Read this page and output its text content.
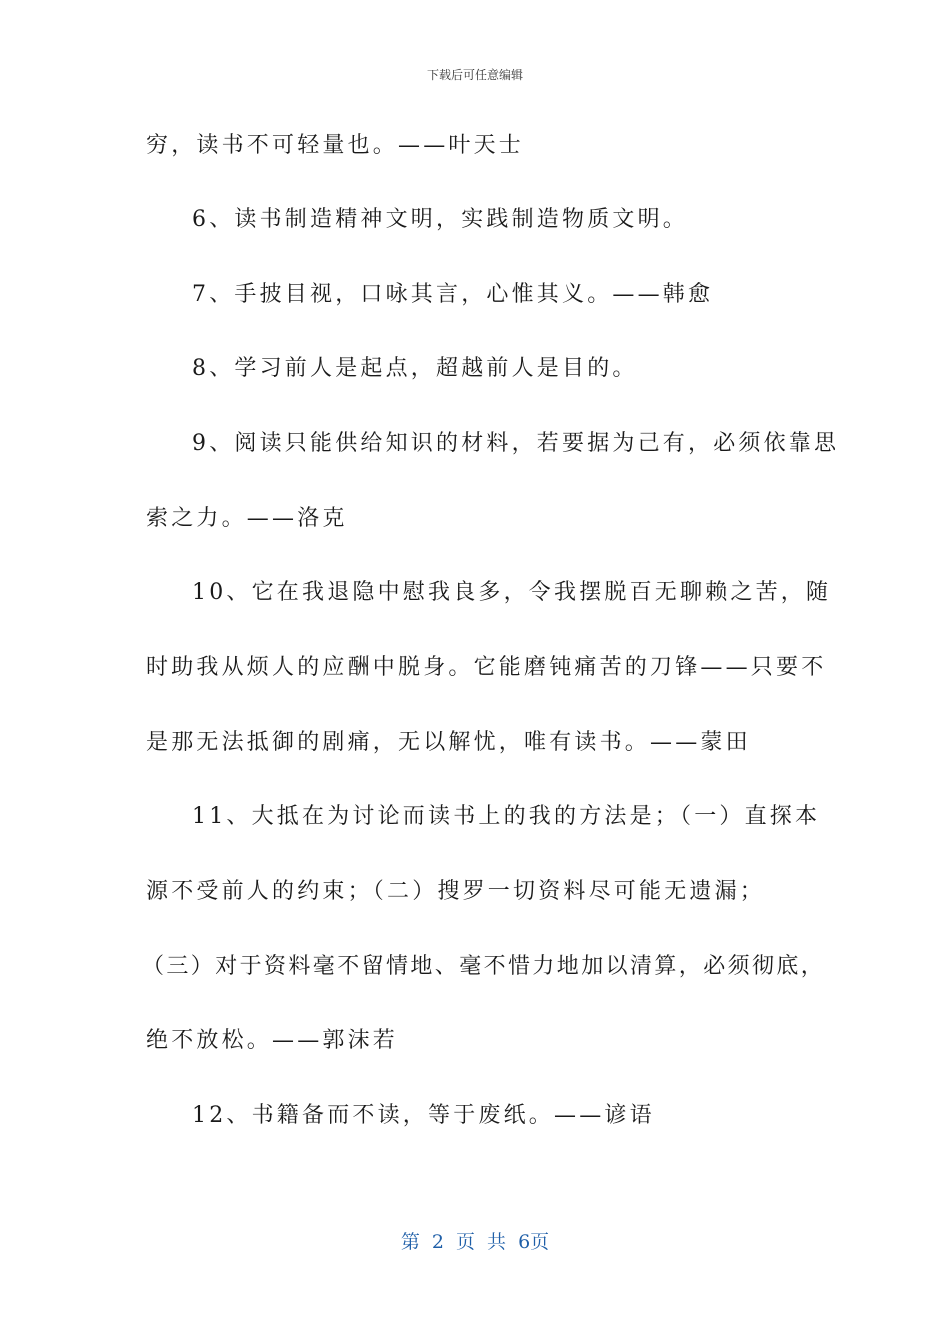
下载后可任意编辑
穷，读书不可轻量也。——叶天士
6、读书制造精神文明，实践制造物质文明。
7、手披目视，口咏其言，心惟其义。——韩愈
8、学习前人是起点，超越前人是目的。
9、阅读只能供给知识的材料，若要据为己有，必须依靠思
索之力。——洛克
10、它在我退隐中慰我良多，令我摆脱百无聊赖之苦，随
时助我从烦人的应酬中脱身。它能磨钝痛苦的刀锋——只要不
是那无法抵御的剧痛，无以解忧，唯有读书。——蒙田
11、大抵在为讨论而读书上的我的方法是；（一）直探本
源不受前人的约束；（二）搜罗一切资料尽可能无遗漏；
（三）对于资料毫不留情地、毫不惜力地加以清算，必须彻底，
绝不放松。——郭沫若
12、书籍备而不读，等于废纸。——谚语
第 2 页 共 6页
